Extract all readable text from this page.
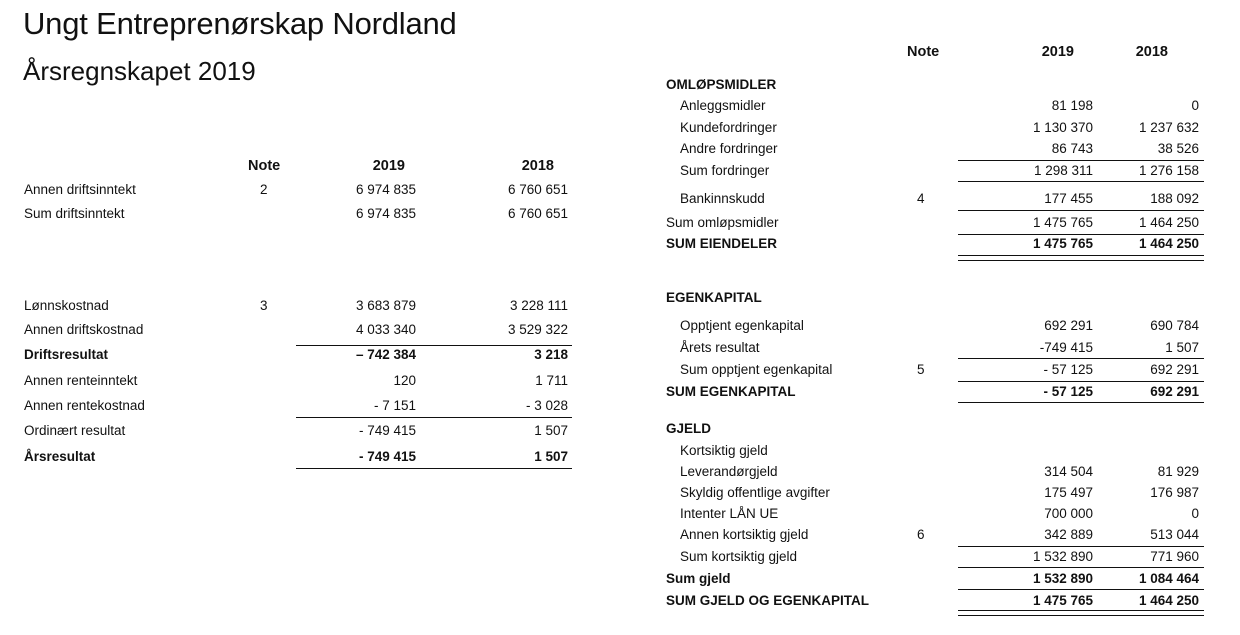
Ungt Entreprenørskap Nordland
Årsregnskapet 2019
Note	2019	2018
Annen driftsinntekt	2	6 974 835	6 760 651
Sum driftsinntekt	6 974 835	6 760 651
Lønnskostnad	3	3 683 879	3 228 111
Annen driftskostnad	4 033 340	3 529 322
Driftsresultat	– 742 384	3 218
Annen renteinntekt	120	1 711
Annen rentekostnad	- 7 151	- 3 028
Ordinært resultat	- 749 415	1 507
Årsresultat	- 749 415	1 507
Note	2019	2018
OMLØPSMIDLER
Anleggsmidler	81 198	0
Kundefordringer	1 130 370	1 237 632
Andre fordringer	86 743	38 526
Sum fordringer	1 298 311	1 276 158
Bankinnskudd	4	177 455	188 092
Sum omløpsmidler	1 475 765	1 464 250
SUM EIENDELER	1 475 765	1 464 250
EGENKAPITAL
Opptjent egenkapital	692 291	690 784
Årets resultat	-749 415	1 507
Sum opptjent egenkapital	5	- 57 125	692 291
SUM EGENKAPITAL	- 57 125	692 291
GJELD
Kortsiktig gjeld
Leverandørgjeld	314 504	81 929
Skyldig offentlige avgifter	175 497	176 987
Intenter LÅN UE	700 000	0
Annen kortsiktig gjeld	6	342 889	513 044
Sum kortsiktig gjeld	1 532 890	771 960
Sum gjeld	1 532 890	1 084 464
SUM GJELD OG EGENKAPITAL	1 475 765	1 464 250
